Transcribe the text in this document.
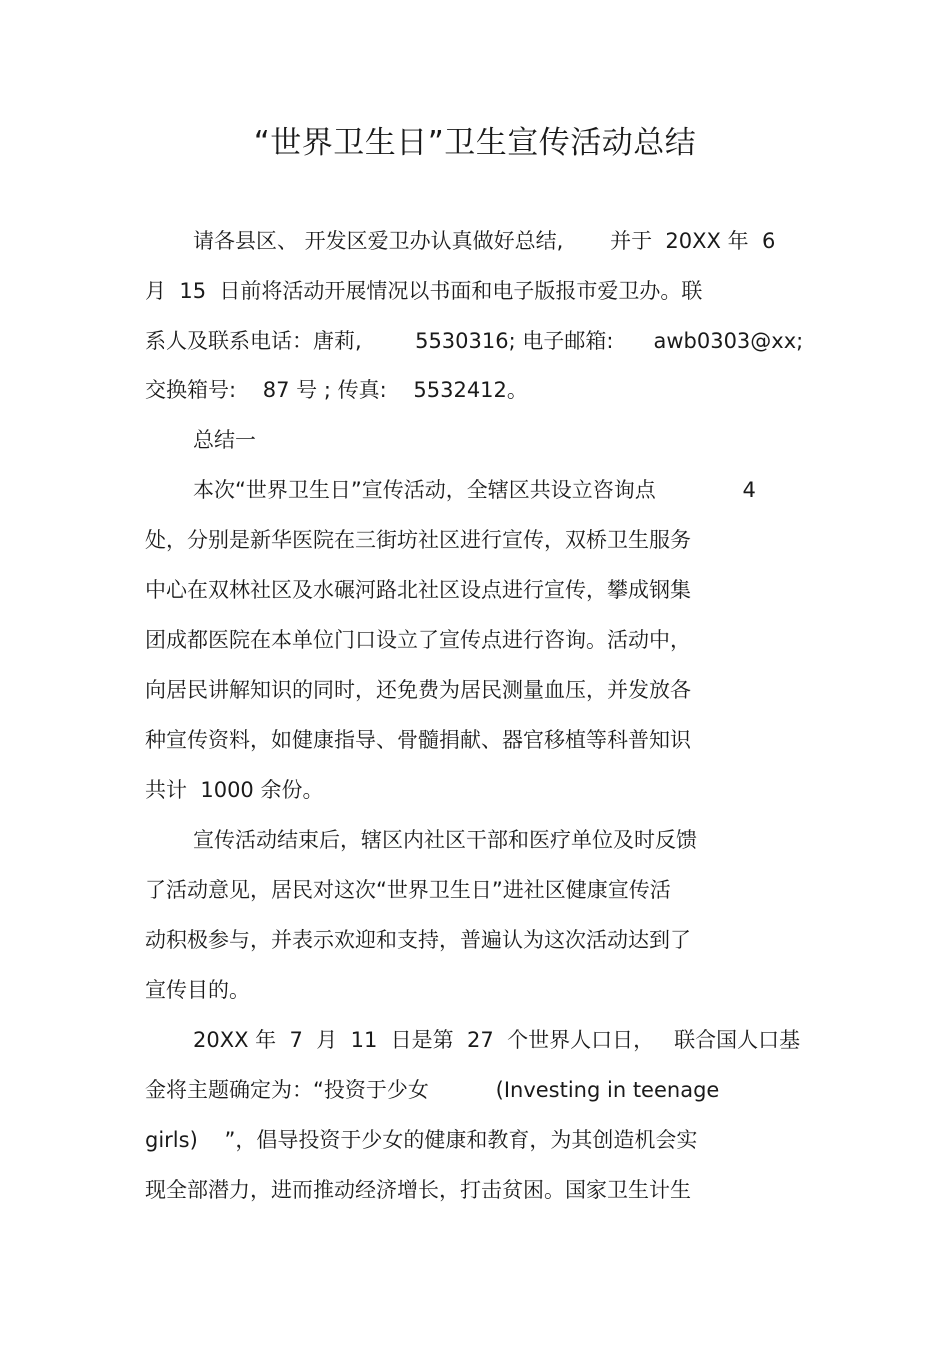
“世界卫生日”卫生宣传活动总结

请各县区、 开发区爱卫办认真做好总结,       并于  20XX 年  6

月  15  日前将活动开展情况以书面和电子版报市爱卫办。联

系人及联系电话：唐莉,        5530316; 电子邮箱:      awb0303@xx;

交换箱号:    87 号 ; 传真:    5532412。

总结一

本次“世界卫生日”宣传活动，全辖区共设立咨询点             4

处，分别是新华医院在三街坊社区进行宣传，双桥卫生服务

中心在双林社区及水碾河路北社区设点进行宣传，攀成钢集

团成都医院在本单位门口设立了宣传点进行咨询。活动中，

向居民讲解知识的同时，还免费为居民测量血压，并发放各

种宣传资料，如健康指导、骨髓捐献、器官移植等科普知识

共计  1000 余份。

宣传活动结束后，辖区内社区干部和医疗单位及时反馈

了活动意见，居民对这次“世界卫生日”进社区健康宣传活

动积极参与，并表示欢迎和支持，普遍认为这次活动达到了

宣传目的。

20XX 年  7  月  11  日是第  27  个世界人口日，   联合国人口基

金将主题确定为：“投资于少女          (Investing in teenage

girls)    ”，倡导投资于少女的健康和教育，为其创造机会实

现全部潜力，进而推动经济增长，打击贫困。国家卫生计生
